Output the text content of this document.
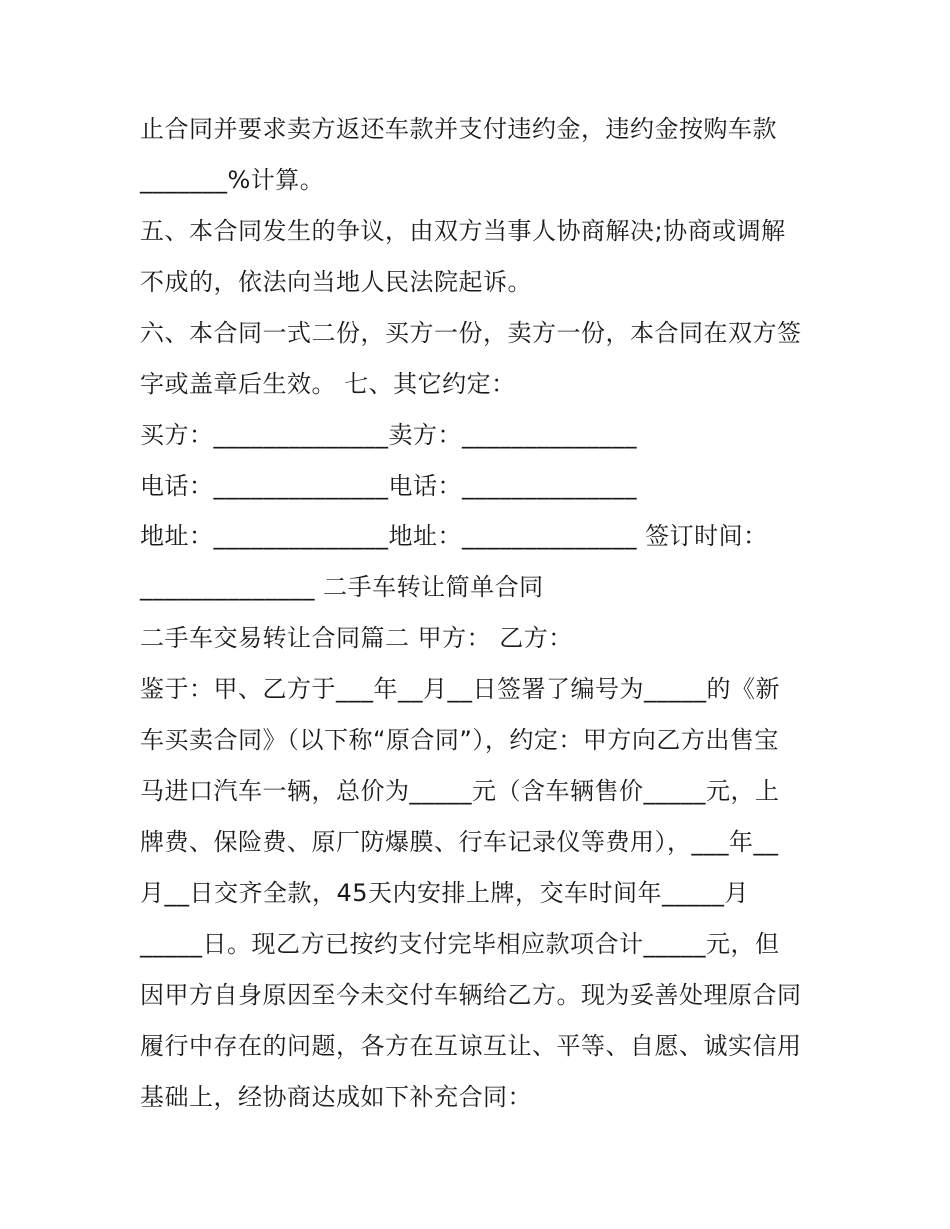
止合同并要求卖方返还车款并支付违约金，违约金按购车款

_______%计算。

五、本合同发生的争议，由双方当事人协商解决;协商或调解

不成的，依法向当地人民法院起诉。

六、本合同一式二份，买方一份，卖方一份，本合同在双方签

字或盖章后生效。 七、其它约定：

买方：______________卖方：______________

电话：______________电话：______________

地址：______________地址：______________ 签订时间：

______________ 二手车转让简单合同

二手车交易转让合同篇二 甲方： 乙方：

鉴于：甲、乙方于___年__月__日签署了编号为_____的《新

车买卖合同》（以下称“原合同”），约定：甲方向乙方出售宝

马进口汽车一辆，总价为_____元（含车辆售价_____元，上

牌费、保险费、原厂防爆膜、行车记录仪等费用），___年__

月__日交齐全款，45天内安排上牌，交车时间年_____月

_____日。现乙方已按约支付完毕相应款项合计_____元，但

因甲方自身原因至今未交付车辆给乙方。现为妥善处理原合同

履行中存在的问题，各方在互谅互让、平等、自愿、诚实信用

基础上，经协商达成如下补充合同：
